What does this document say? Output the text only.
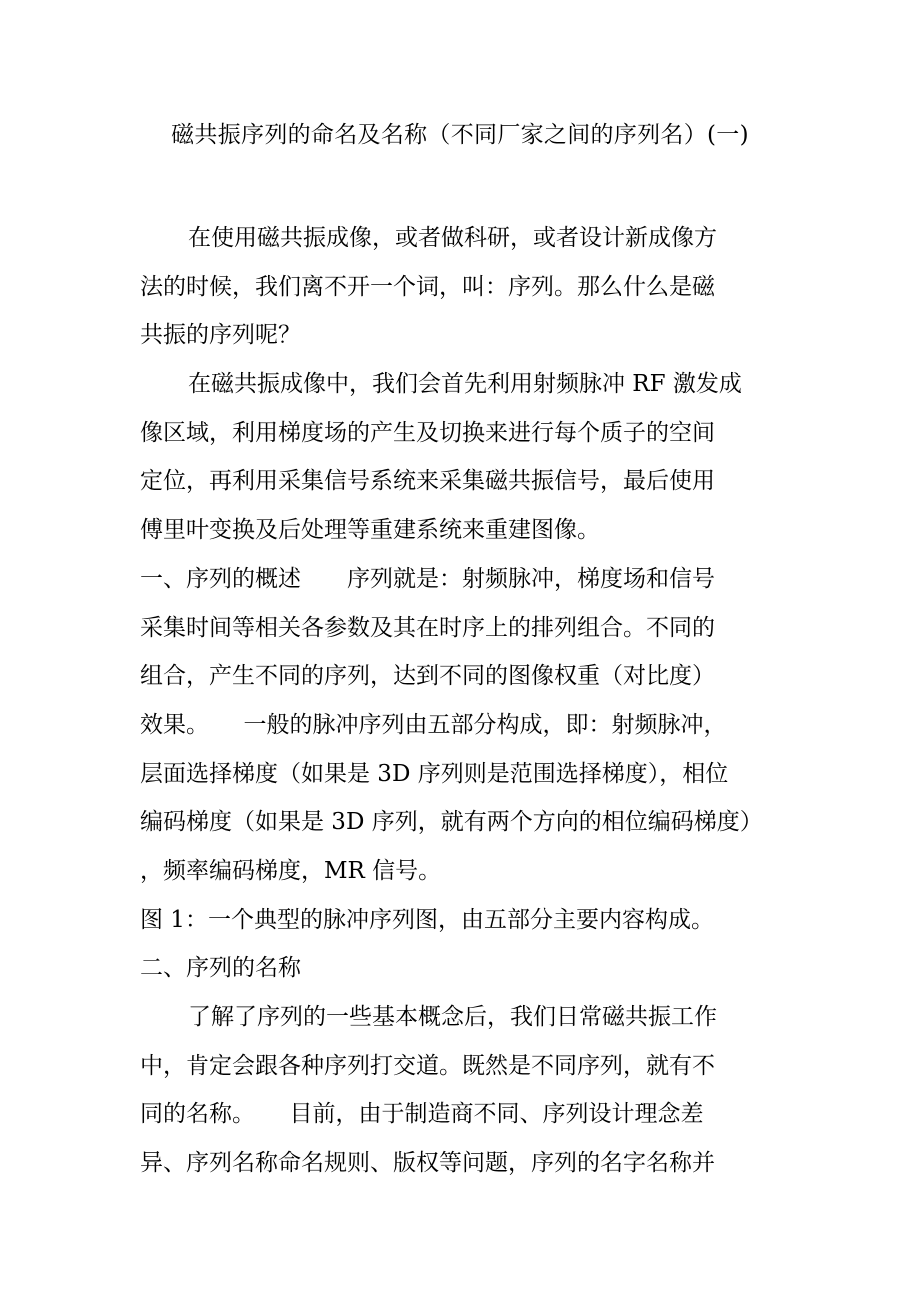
磁共振序列的命名及名称（不同厂家之间的序列名）(一)
在使用磁共振成像，或者做科研，或者设计新成像方
法的时候，我们离不开一个词，叫：序列。那么什么是磁
共振的序列呢？
在磁共振成像中，我们会首先利用射频脉冲 RF 激发成
像区域，利用梯度场的产生及切换来进行每个质子的空间
定位，再利用采集信号系统来采集磁共振信号，最后使用
傅里叶变换及后处理等重建系统来重建图像。
一、序列的概述　　序列就是：射频脉冲，梯度场和信号
采集时间等相关各参数及其在时序上的排列组合。不同的
组合，产生不同的序列，达到不同的图像权重（对比度）
效果。　　一般的脉冲序列由五部分构成，即：射频脉冲，
层面选择梯度（如果是 3D 序列则是范围选择梯度），相位
编码梯度（如果是 3D 序列，就有两个方向的相位编码梯度）
，频率编码梯度，MR 信号。
图 1：一个典型的脉冲序列图，由五部分主要内容构成。
二、序列的名称
了解了序列的一些基本概念后，我们日常磁共振工作
中，肯定会跟各种序列打交道。既然是不同序列，就有不
同的名称。　　目前，由于制造商不同、序列设计理念差
异、序列名称命名规则、版权等问题，序列的名字名称并
